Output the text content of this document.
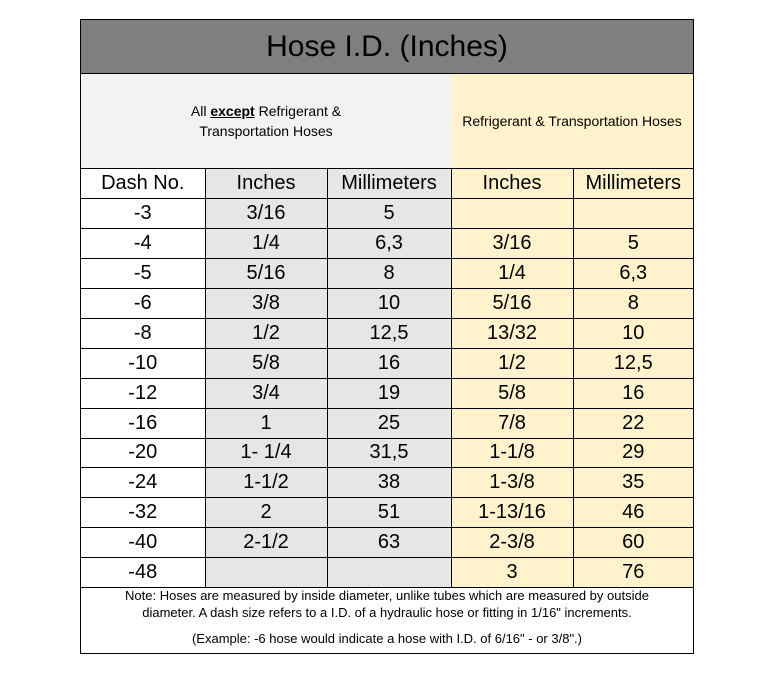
Hose I.D. (Inches)
All except Refrigerant &
Transportation Hoses
Refrigerant & Transportation Hoses
Dash No.	Inches	Millimeters	Inches	Millimeters
-3	3/16	5		
-4	1/4	6,3	3/16	5
-5	5/16	8	1/4	6,3
-6	3/8	10	5/16	8
-8	1/2	12,5	13/32	10
-10	5/8	16	1/2	12,5
-12	3/4	19	5/8	16
-16	1	25	7/8	22
-20	1- 1/4	31,5	1-1/8	29
-24	1-1/2	38	1-3/8	35
-32	2	51	1-13/16	46
-40	2-1/2	63	2-3/8	60
-48			3	76
Note: Hoses are measured by inside diameter, unlike tubes which are measured by outside
diameter. A dash size refers to a I.D. of a hydraulic hose or fitting in 1/16" increments.
(Example: -6 hose would indicate a hose with I.D. of 6/16" - or 3/8".)
